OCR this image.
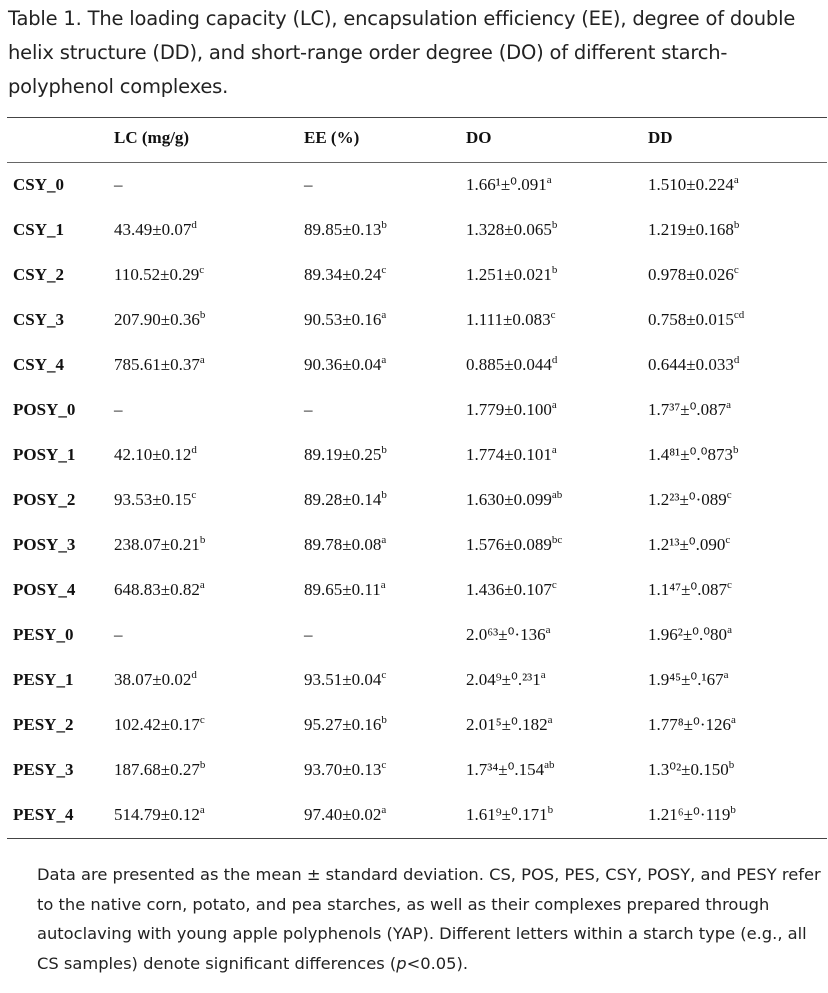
Table 1. The loading capacity (LC), encapsulation efficiency (EE), degree of double helix structure (DD), and short-range order degree (DO) of different starch-polyphenol complexes.
LC (mg/g)	EE (%)	DO	DD
CSY_0	–	–	1.66¹±⁰.091$^a$	1.510±0.224$^a$
CSY_1	43.49±0.07$^d$	89.85±0.13$^b$	1.328±0.065$^b$	1.219±0.168$^b$
CSY_2	110.52±0.29$^c$	89.34±0.24$^c$	1.251±0.021$^b$	0.978±0.026$^c$
CSY_3	207.90±0.36$^b$	90.53±0.16$^a$	1.111±0.083$^c$	0.758±0.015$^{cd}$
CSY_4	785.61±0.37$^a$	90.36±0.04$^a$	0.885±0.044$^d$	0.644±0.033$^d$
POSY_0 –	–	1.779±0.100$^a$	1.7³⁷±⁰.087$^a$
POSY_1 42.10±0.12$^d$	89.19±0.25$^b$	1.774±0.101$^a$	$1.4^{81}\pm^0.^0873^b$
POSY_2 93.53±0.15$^c$	89.28±0.14$^b$	1.630±0.099$^{ab}$	$1.2^{23}\pm^0\cdot 089^c$
POSY_3 238.07±0.21$^b$	89.78±0.08$^a$	1.576±0.089$^{bc}$	1.2¹³±⁰.090$^c$
POSY_4 648.83±0.82$^a$	89.65±0.11$^a$	1.436±0.107$^c$	1.1⁴⁷±⁰.087$^c$
PESY_0 –	–	$2.0^{63}\pm^0\cdot 136^a$	$1.96^2\pm^0.^080^a$
PESY_1 38.07±0.02$^d$	93.51±0.04$^c$	$2.04^9\pm^0.^{23}1^a$	$1.9^{45}\pm^0.^167^a$
PESY_2 102.42±0.17$^c$	95.27±0.16$^b$	2.01⁵±⁰.182$^a$	$1.77^8\pm^0\cdot 126^a$
PESY_3 187.68±0.27$^b$	93.70±0.13$^c$	1.7³⁴±⁰.154$^{ab}$	1.3⁰²±0.150$^b$
PESY_4 514.79±0.12$^a$	97.40±0.02$^a$	1.61⁹±⁰.171$^b$	$1.21^6\pm^0\cdot 119^b$
Data are presented as the mean ± standard deviation. CS, POS, PES, CSY, POSY, and PESY refer to the native corn, potato, and pea starches, as well as their complexes prepared through autoclaving with young apple polyphenols (YAP). Different letters within a starch type (e.g., all CS samples) denote significant differences (p<0.05).
